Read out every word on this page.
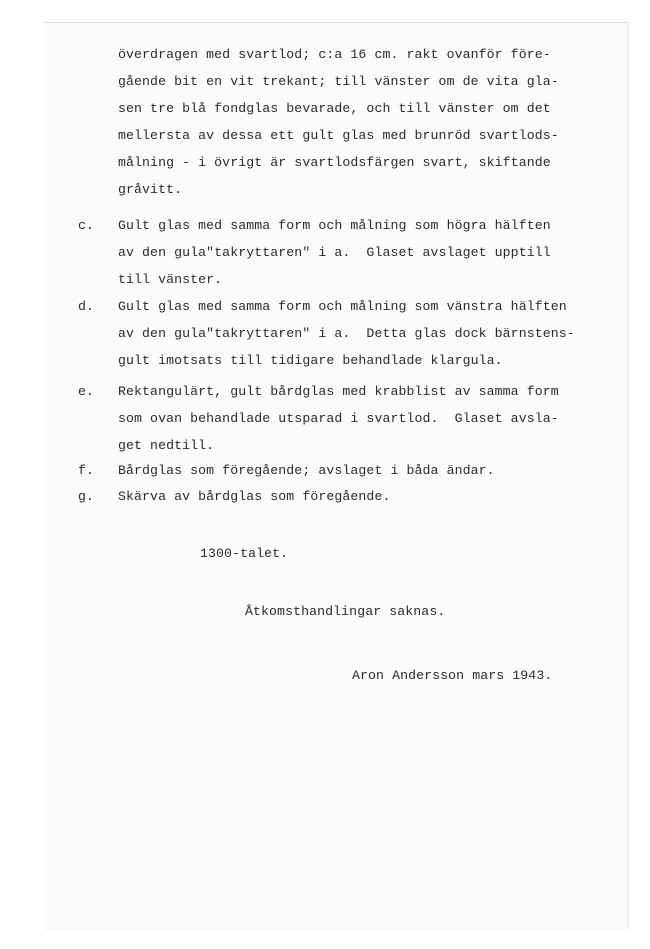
överdragen med svartlod; c:a 16 cm. rakt ovanför före-
gående bit en vit trekant; till vänster om de vita gla-
sen tre blå fondglas bevarade, och till vänster om det
mellersta av dessa ett gult glas med brunröd svartlods-
målning - i övrigt är svartlodsfärgen svart, skiftande
gråvitt.
c. Gult glas med samma form och målning som högra hälften
av den gula"takryttaren" i a.  Glaset avslaget upptill
till vänster.
d. Gult glas med samma form och målning som vänstra hälften
av den gula"takryttaren" i a.  Detta glas dock bärnstens-
gult imotsats till tidigare behandlade klargula.
e. Rektangulärt, gult bårdglas med krabblist av samma form
som ovan behandlade utsparad i svartlod.  Glaset avsla-
get nedtill.
f. Bårdglas som föregående; avslaget i båda ändar.
g. Skärva av bårdglas som föregående.
1300-talet.
Åtkomsthandlingar saknas.
Aron Andersson mars 1943.
